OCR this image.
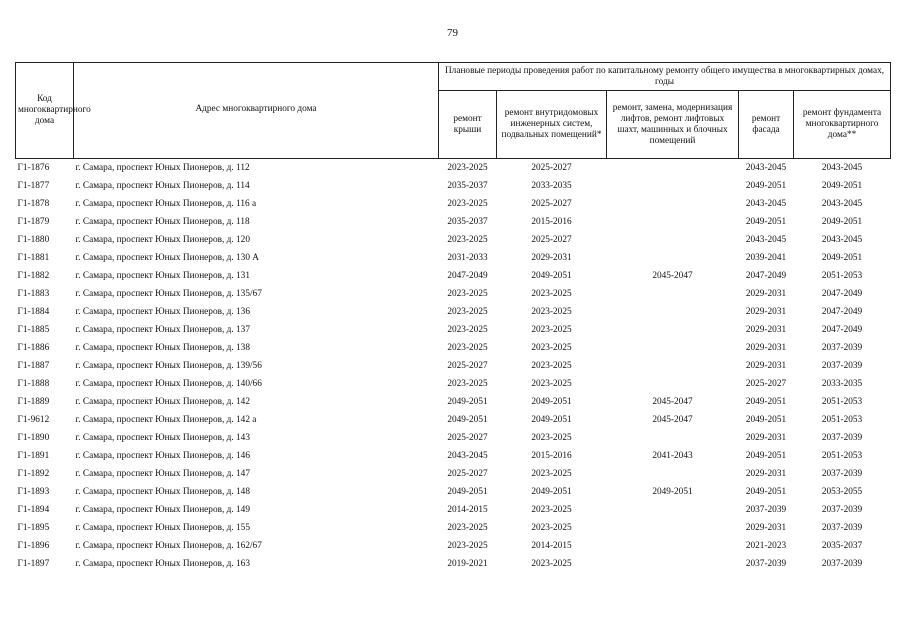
79
Код многоквартирного дома	Адрес многоквартирного дома	Плановые периоды проведения работ по капитальному ремонту общего имущества в многоквартирных домах, годы				
		ремонт крыши	ремонт внутридомовых инженерных систем, подвальных помещений*	ремонт, замена, модернизация лифтов, ремонт лифтовых шахт, машинных и блочных помещений	ремонт фасада	ремонт фундамента многоквартирного дома**
Г1-1876	г. Самара, проспект Юных Пионеров, д. 112	2023-2025	2025-2027		2043-2045	2043-2045
Г1-1877	г. Самара, проспект Юных Пионеров, д. 114	2035-2037	2033-2035		2049-2051	2049-2051
Г1-1878	г. Самара, проспект Юных Пионеров, д. 116 а	2023-2025	2025-2027		2043-2045	2043-2045
Г1-1879	г. Самара, проспект Юных Пионеров, д. 118	2035-2037	2015-2016		2049-2051	2049-2051
Г1-1880	г. Самара, проспект Юных Пионеров, д. 120	2023-2025	2025-2027		2043-2045	2043-2045
Г1-1881	г. Самара, проспект Юных Пионеров, д. 130 А	2031-2033	2029-2031		2039-2041	2049-2051
Г1-1882	г. Самара, проспект Юных Пионеров, д. 131	2047-2049	2049-2051	2045-2047	2047-2049	2051-2053
Г1-1883	г. Самара, проспект Юных Пионеров, д. 135/67	2023-2025	2023-2025		2029-2031	2047-2049
Г1-1884	г. Самара, проспект Юных Пионеров, д. 136	2023-2025	2023-2025		2029-2031	2047-2049
Г1-1885	г. Самара, проспект Юных Пионеров, д. 137	2023-2025	2023-2025		2029-2031	2047-2049
Г1-1886	г. Самара, проспект Юных Пионеров, д. 138	2023-2025	2023-2025		2029-2031	2037-2039
Г1-1887	г. Самара, проспект Юных Пионеров, д. 139/56	2025-2027	2023-2025		2029-2031	2037-2039
Г1-1888	г. Самара, проспект Юных Пионеров, д. 140/66	2023-2025	2023-2025		2025-2027	2033-2035
Г1-1889	г. Самара, проспект Юных Пионеров, д. 142	2049-2051	2049-2051	2045-2047	2049-2051	2051-2053
Г1-9612	г. Самара, проспект Юных Пионеров, д. 142 а	2049-2051	2049-2051	2045-2047	2049-2051	2051-2053
Г1-1890	г. Самара, проспект Юных Пионеров, д. 143	2025-2027	2023-2025		2029-2031	2037-2039
Г1-1891	г. Самара, проспект Юных Пионеров, д. 146	2043-2045	2015-2016	2041-2043	2049-2051	2051-2053
Г1-1892	г. Самара, проспект Юных Пионеров, д. 147	2025-2027	2023-2025		2029-2031	2037-2039
Г1-1893	г. Самара, проспект Юных Пионеров, д. 148	2049-2051	2049-2051	2049-2051	2049-2051	2053-2055
Г1-1894	г. Самара, проспект Юных Пионеров, д. 149	2014-2015	2023-2025		2037-2039	2037-2039
Г1-1895	г. Самара, проспект Юных Пионеров, д. 155	2023-2025	2023-2025		2029-2031	2037-2039
Г1-1896	г. Самара, проспект Юных Пионеров, д. 162/67	2023-2025	2014-2015		2021-2023	2035-2037
Г1-1897	г. Самара, проспект Юных Пионеров, д. 163	2019-2021	2023-2025		2037-2039	2037-2039
